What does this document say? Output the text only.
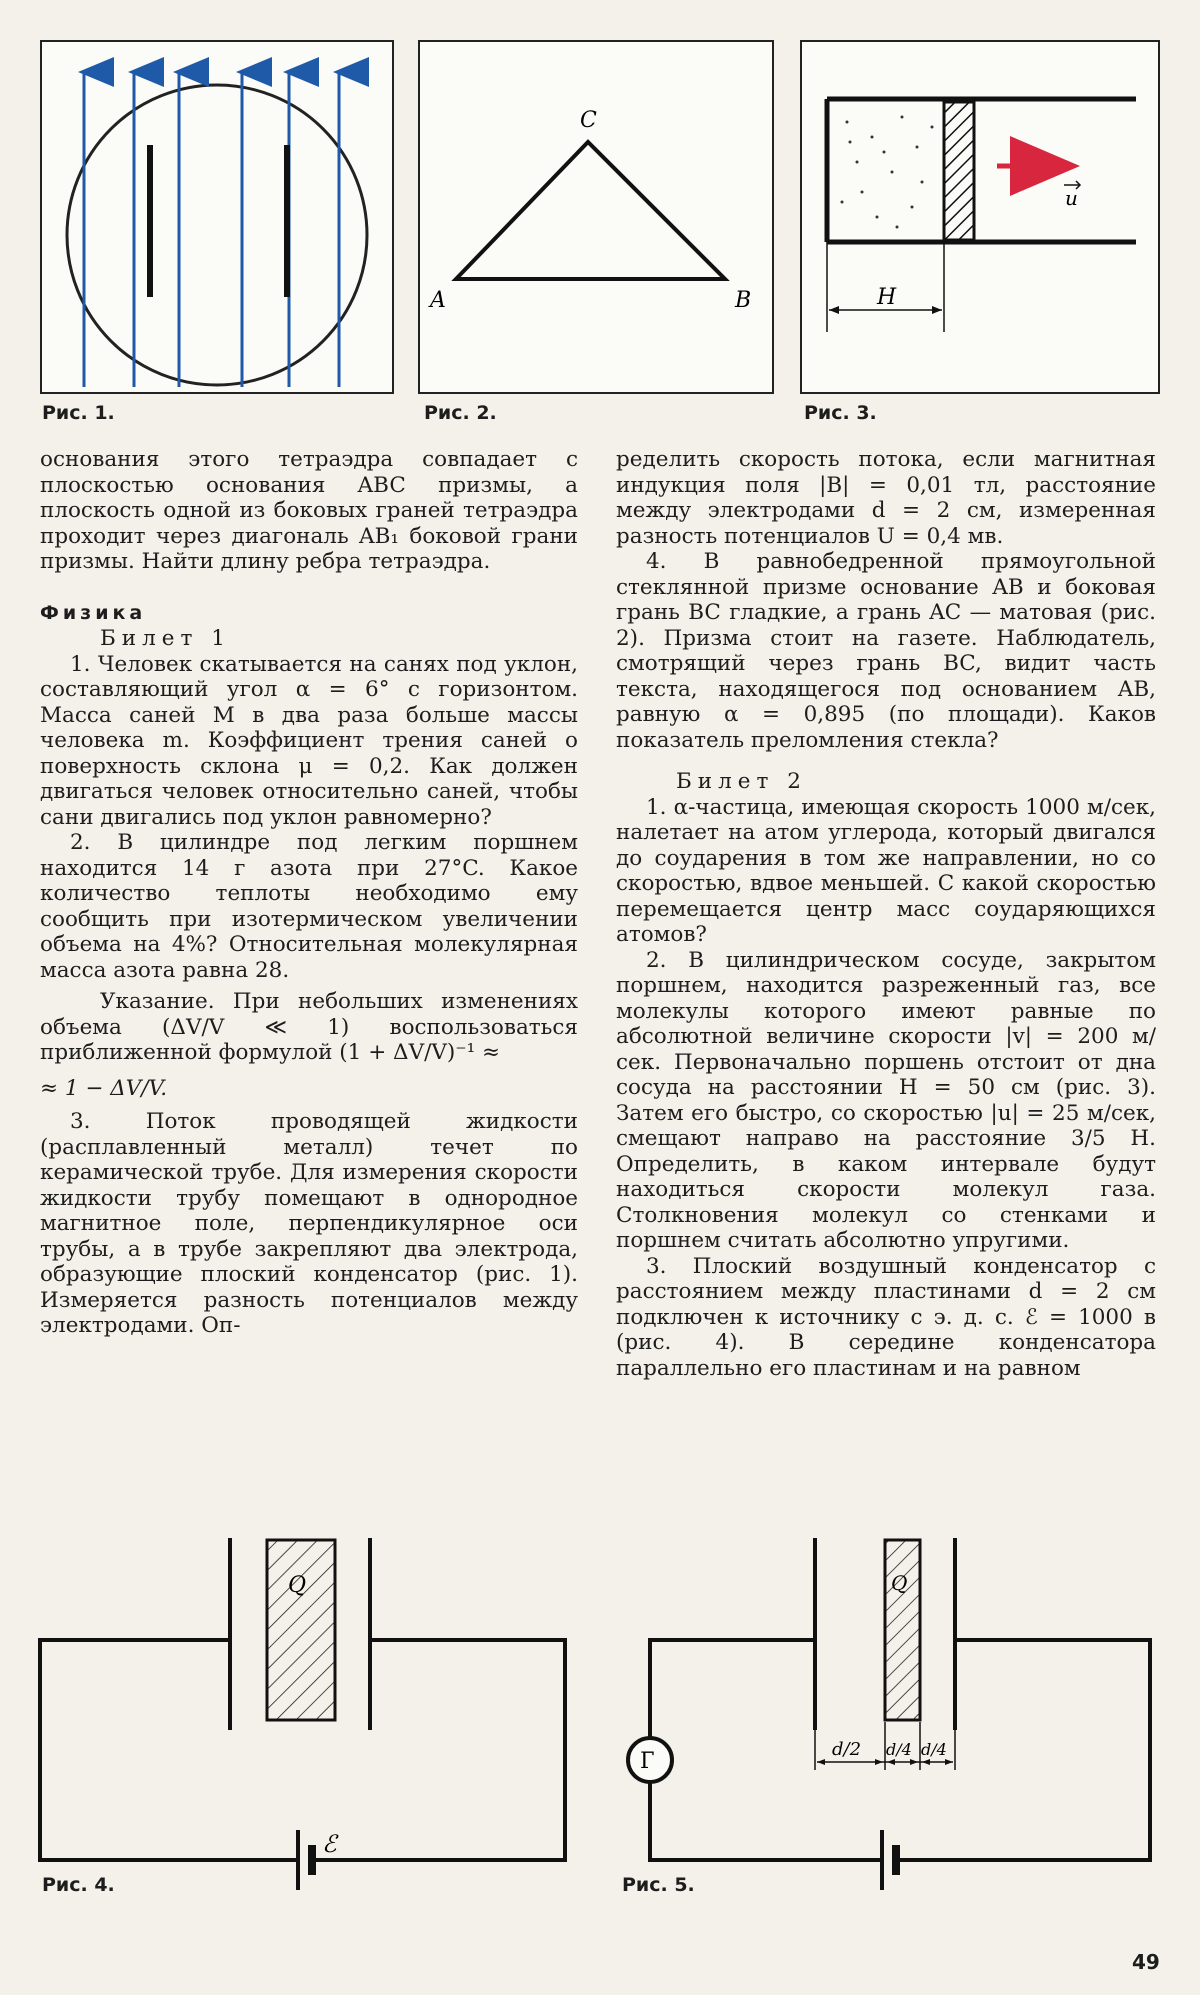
Рис. 1.
C
A	B
Рис. 2.
u
H
Рис. 3.

основания этого тетраэдра совпадает с плоскостью основания ABC призмы, а плоскость одной из боковых граней тетраэдра проходит через диагональ AB₁ боковой грани призмы. Найти длину ребра тетраэдра.

Физика

Билет 1

1. Человек скатывается на санях под уклон, составляющий угол α = 6° с горизонтом. Масса саней M в два раза больше массы человека m. Коэффициент трения саней о поверхность склона μ = 0,2. Как должен двигаться человек относительно саней, чтобы сани двигались под уклон равномерно?

2. В цилиндре под легким поршнем находится 14 г азота при 27°C. Какое количество теплоты необходимо ему сообщить при изотермическом увеличении объема на 4%? Относительная молекулярная масса азота равна 28.

Указание. При небольших изменениях объема (ΔV/V ≪ 1) воспользоваться приближенной формулой (1 + ΔV/V)⁻¹ ≈

≈ 1 − ΔV/V.

3. Поток проводящей жидкости (расплавленный металл) течет по керамической трубе. Для измерения скорости жидкости трубу помещают в однородное магнитное поле, перпендикулярное оси трубы, а в трубе закрепляют два электрода, образующие плоский конденсатор (рис. 1). Измеряется разность потенциалов между электродами. Оп-

ределить скорость потока, если магнитная индукция поля |B| = 0,01 тл, расстояние между электродами d = 2 см, измеренная разность потенциалов U = 0,4 мв.

4. В равнобедренной прямоугольной стеклянной призме основание AB и боковая грань BC гладкие, а грань AC — матовая (рис. 2). Призма стоит на газете. Наблюдатель, смотрящий через грань BC, видит часть текста, находящегося под основанием AB, равную α = 0,895 (по площади). Каков показатель преломления стекла?

Билет 2

1. α-частица, имеющая скорость 1000 м/сек, налетает на атом углерода, который двигался до соударения в том же направлении, но со скоростью, вдвое меньшей. С какой скоростью перемещается центр масс соударяющихся атомов?

2. В цилиндрическом сосуде, закрытом поршнем, находится разреженный газ, все молекулы которого имеют равные по абсолютной величине скорости |v| = 200 м/сек. Первоначально поршень отстоит от дна сосуда на расстоянии H = 50 см (рис. 3). Затем его быстро, со скоростью |u| = 25 м/сек, смещают направо на расстояние 3/5 H. Определить, в каком интервале будут находиться скорости молекул газа. Столкновения молекул со стенками и поршнем считать абсолютно упругими.

3. Плоский воздушный конденсатор с расстоянием между пластинами d = 2 см подключен к источнику с э. д. с. ℰ = 1000 в (рис. 4). В середине конденсатора параллельно его пластинам и на равном

Q
ℰ
Рис. 4.
Г
Q
d/2 d/4 d/4
Рис. 5.
49
